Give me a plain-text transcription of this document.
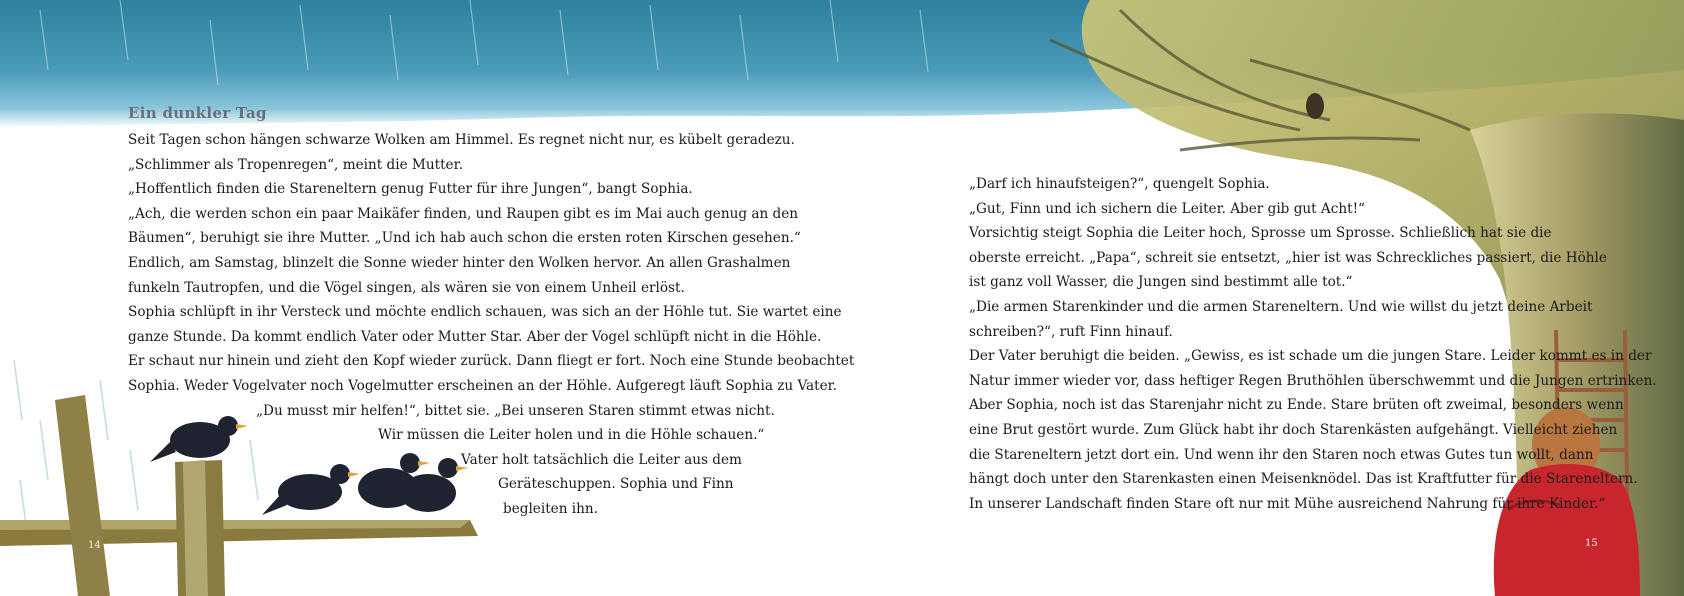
Ein dunkler Tag
Seit Tagen schon hängen schwarze Wolken am Himmel. Es regnet nicht nur, es kübelt geradezu.
„Schlimmer als Tropenregen“, meint die Mutter.
„Hoffentlich finden die Stareneltern genug Futter für ihre Jungen“, bangt Sophia.
„Ach, die werden schon ein paar Maikäfer finden, und Raupen gibt es im Mai auch genug an den
Bäumen“, beruhigt sie ihre Mutter. „Und ich hab auch schon die ersten roten Kirschen gesehen.“
Endlich, am Samstag, blinzelt die Sonne wieder hinter den Wolken hervor. An allen Grashalmen
funkeln Tautropfen, und die Vögel singen, als wären sie von einem Unheil erlöst.
Sophia schlüpft in ihr Versteck und möchte endlich schauen, was sich an der Höhle tut. Sie wartet eine
ganze Stunde. Da kommt endlich Vater oder Mutter Star. Aber der Vogel schlüpft nicht in die Höhle.
Er schaut nur hinein und zieht den Kopf wieder zurück. Dann fliegt er fort. Noch eine Stunde beobachtet
Sophia. Weder Vogelvater noch Vogelmutter erscheinen an der Höhle. Aufgeregt läuft Sophia zu Vater.
„Du musst mir helfen!“, bittet sie. „Bei unseren Staren stimmt etwas nicht.
Wir müssen die Leiter holen und in die Höhle schauen.“
Vater holt tatsächlich die Leiter aus dem
Geräteschuppen. Sophia und Finn
begleiten ihn.
„Darf ich hinaufsteigen?“, quengelt Sophia.
„Gut, Finn und ich sichern die Leiter. Aber gib gut Acht!“
Vorsichtig steigt Sophia die Leiter hoch, Sprosse um Sprosse. Schließlich hat sie die
oberste erreicht. „Papa“, schreit sie entsetzt, „hier ist was Schreckliches passiert, die Höhle
ist ganz voll Wasser, die Jungen sind bestimmt alle tot.“
„Die armen Starenkinder und die armen Stareneltern. Und wie willst du jetzt deine Arbeit
schreiben?“, ruft Finn hinauf.
Der Vater beruhigt die beiden. „Gewiss, es ist schade um die jungen Stare. Leider kommt es in der
Natur immer wieder vor, dass heftiger Regen Bruthöhlen überschwemmt und die Jungen ertrinken.
Aber Sophia, noch ist das Starenjahr nicht zu Ende. Stare brüten oft zweimal, besonders wenn
eine Brut gestört wurde. Zum Glück habt ihr doch Starenkästen aufgehängt. Vielleicht ziehen
die Stareneltern jetzt dort ein. Und wenn ihr den Staren noch etwas Gutes tun wollt, dann
hängt doch unter den Starenkasten einen Meisenknödel. Das ist Kraftfutter für die Stareneltern.
In unserer Landschaft finden Stare oft nur mit Mühe ausreichend Nahrung für ihre Kinder.“
14	15
